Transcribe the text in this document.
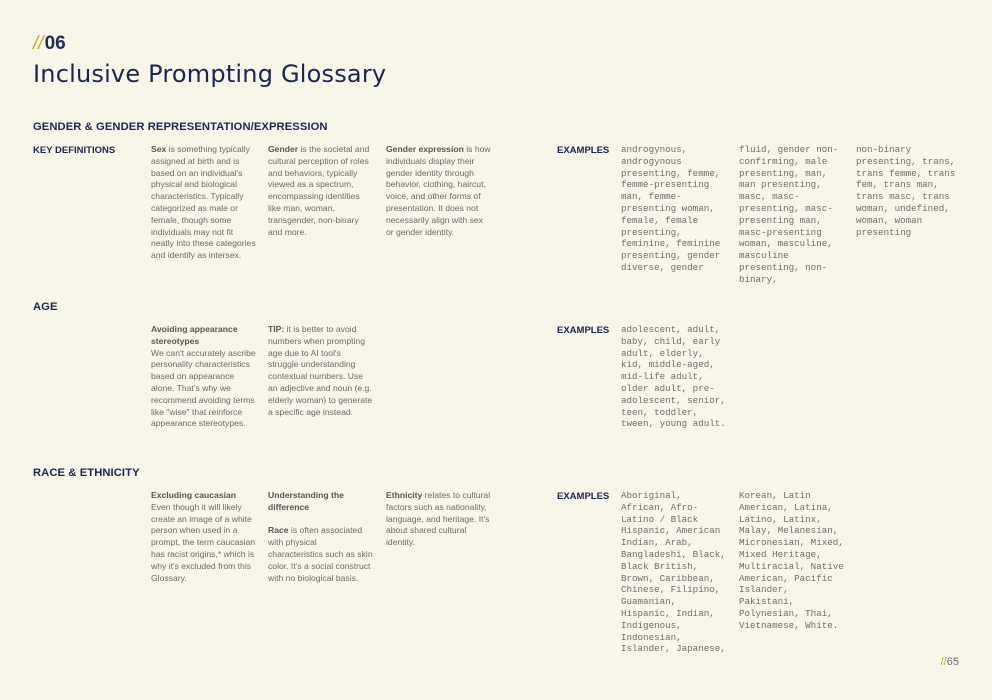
//06
Inclusive Prompting Glossary
GENDER & GENDER REPRESENTATION/EXPRESSION
KEY DEFINITIONS	Sex is something typically assigned at birth and is based on an individual's physical and biological characteristics. Typically categorized as male or female, though some individuals may not fit neatly into these categories and identify as intersex.
Gender is the societal and cultural perception of roles and behaviors, typically viewed as a spectrum, encompassing identities like man, woman, transgender, non-binary and more.
Gender expression is how individuals display their gender identity through behavior, clothing, haircut, voice, and other forms of presentation. It does not necessarily align with sex or gender identity.
EXAMPLES androgynous, androgynous presenting, femme, femme-presenting man, femme-presenting woman, female, female presenting, feminine, feminine presenting, gender diverse, gender
fluid, gender non-confirming, male presenting, man, man presenting, masc, masc-presenting, masc-presenting man, masc-presenting woman, masculine, masculine presenting, non-binary,
non-binary presenting, trans, trans femme, trans fem, trans man, trans masc, trans woman, undefined, woman, woman presenting
AGE

Avoiding appearance stereotypes

We can't accurately ascribe personality characteristics based on appearance alone. That's why we recommend avoiding terms like "wise" that reinforce appearance stereotypes.

TIP: it is better to avoid numbers when prompting age due to AI tool's struggle understanding contextual numbers. Use an adjective and noun (e.g. elderly woman) to generate a specific age instead.
EXAMPLES adolescent, adult, baby, child, early adult, elderly, kid, middle-aged, mid-life adult, older adult, pre-adolescent, senior, teen, toddler, tween, young adult.
RACE & ETHNICITY

Excluding caucasian

Even though it will likely create an image of a white person when used in a prompt, the term caucasian has racist origins,* which is why it's excluded from this Glossary.

Understanding the difference

Race is often associated with physical characteristics such as skin color. It's a social construct with no biological basis.

Ethnicity relates to cultural factors such as nationality, language, and heritage. It's about shared cultural identity.
EXAMPLES Aboriginal, African, Afro-Latino / Black Hispanic, American Indian, Arab, Bangladeshi, Black, Black British, Brown, Caribbean, Chinese, Filipino, Guamanian, Hispanic, Indian, Indigenous, Indonesian, Islander, Japanese,
Korean, Latin American, Latina, Latino, Latinx, Malay, Melanesian, Micronesian, Mixed, Mixed Heritage, Multiracial, Native American, Pacific Islander, Pakistani, Polynesian, Thai, Vietnamese, White.
//65
